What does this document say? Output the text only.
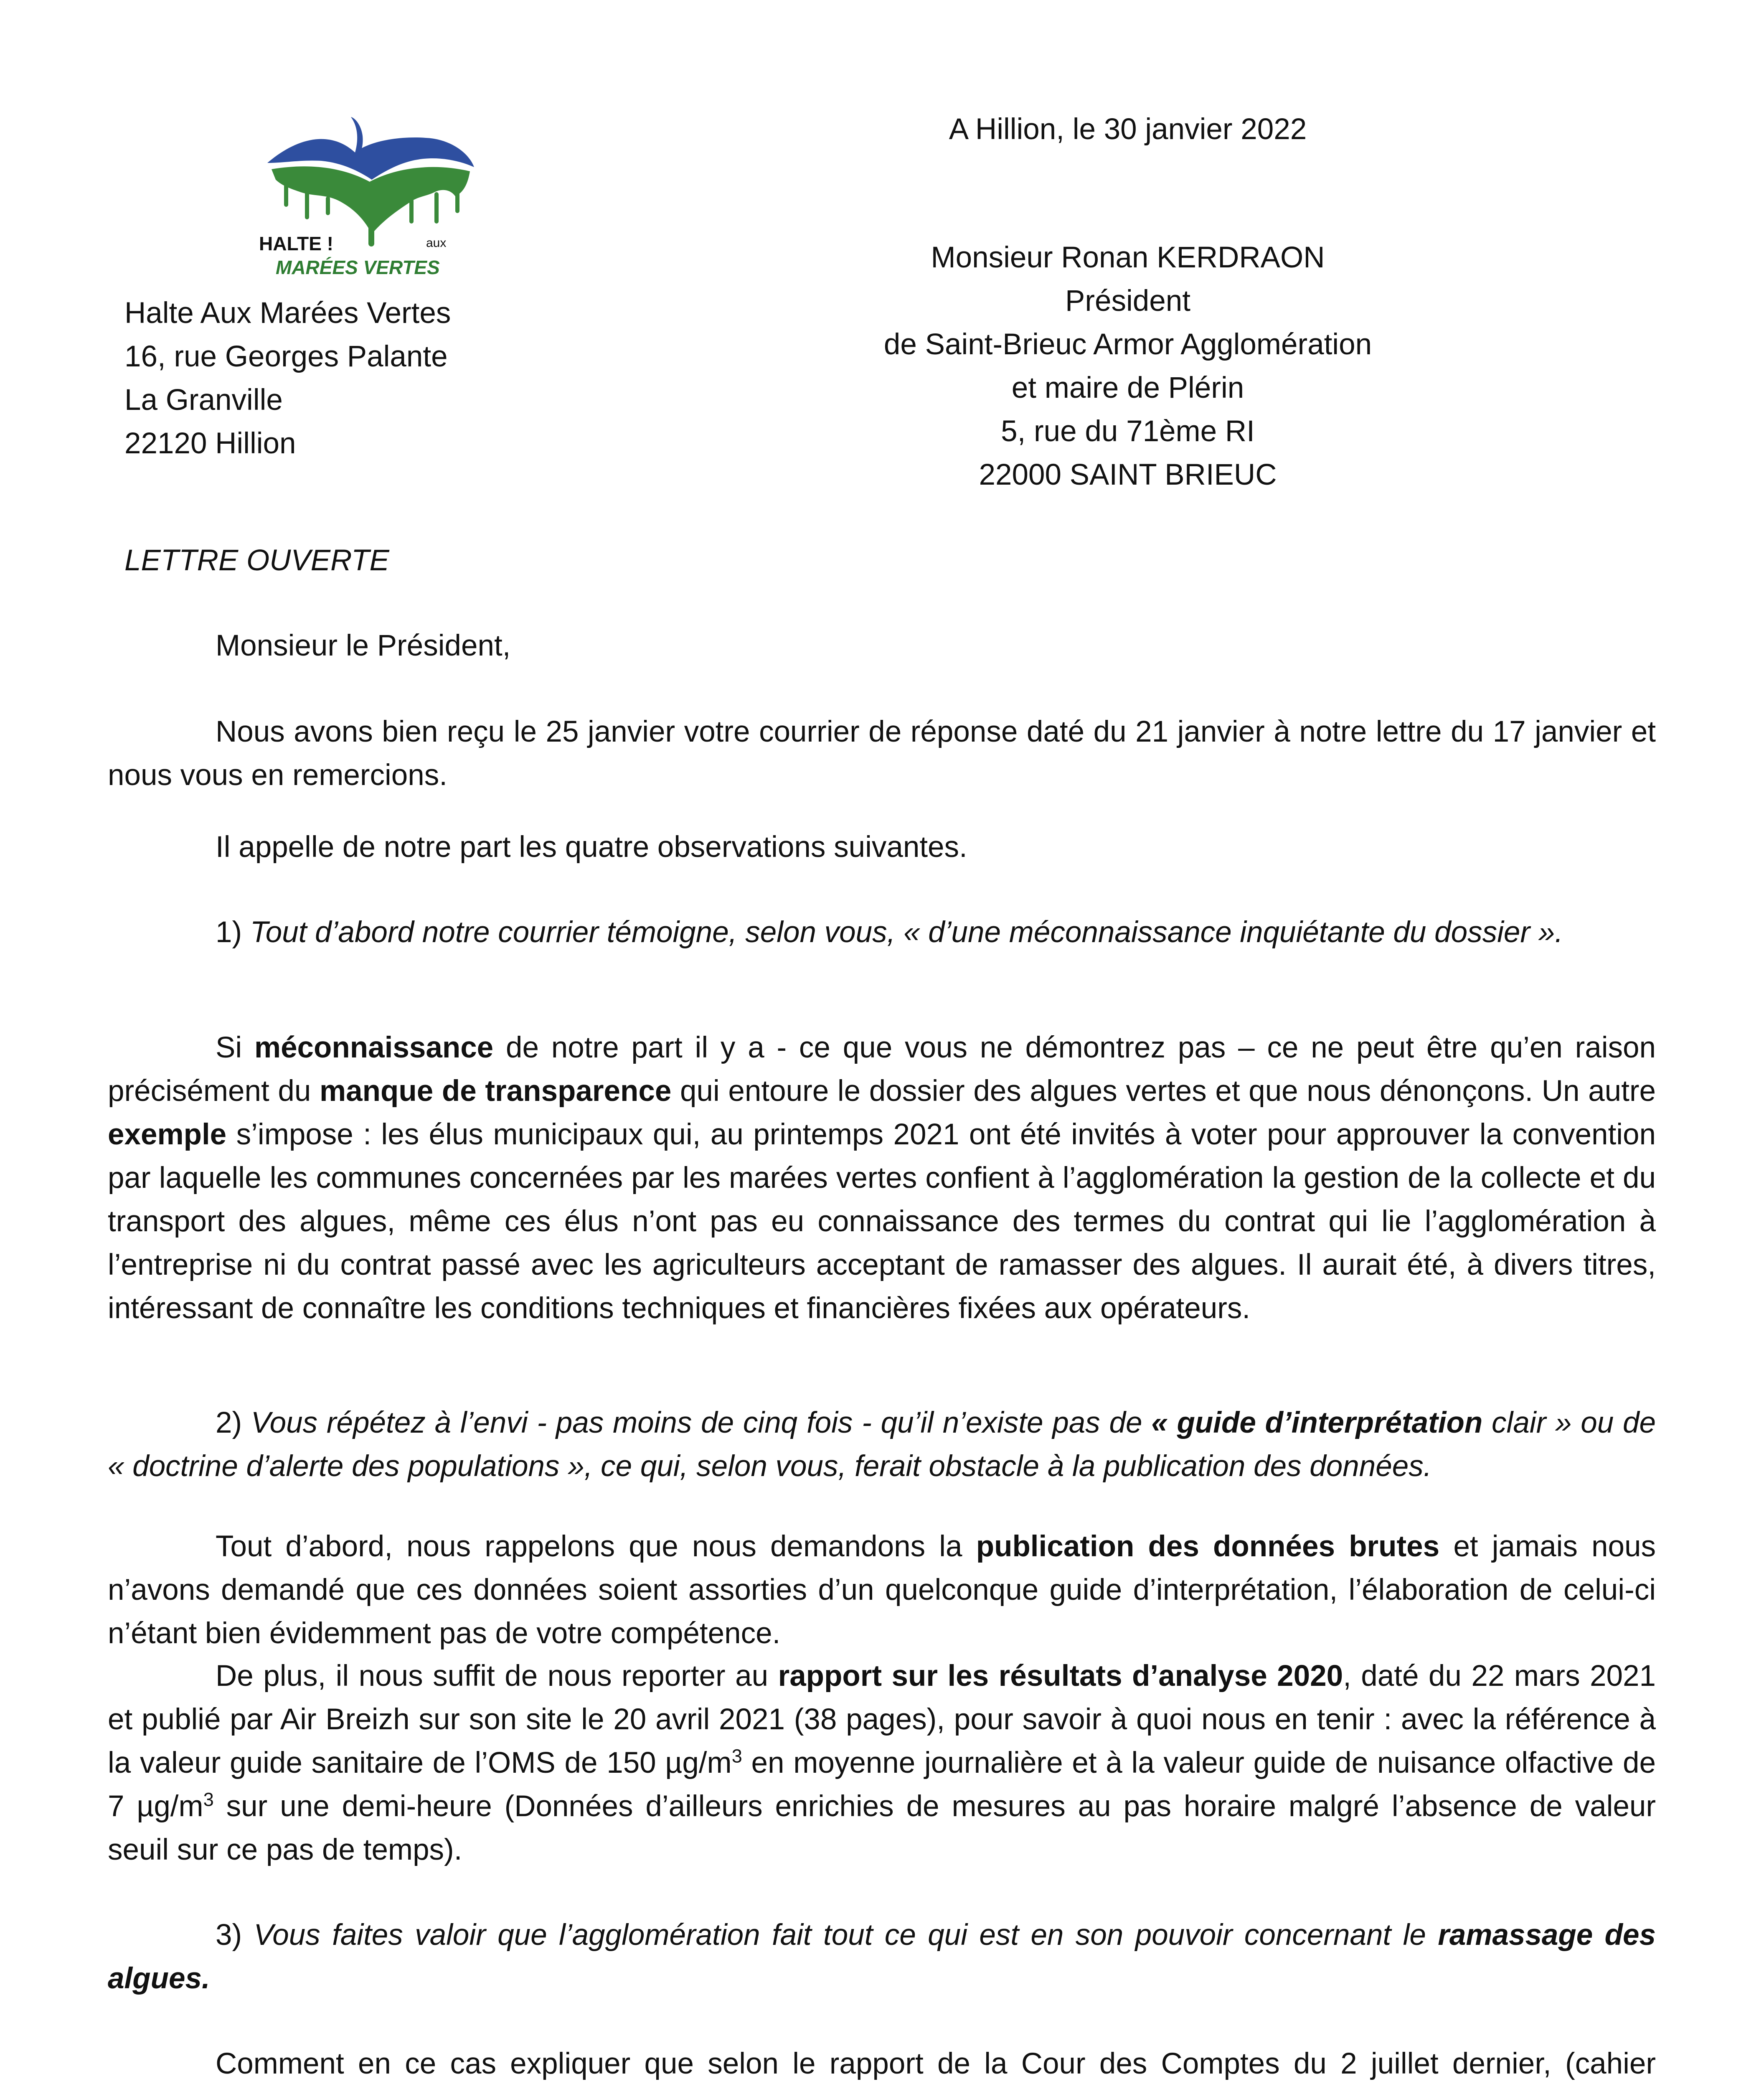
HALTE !	aux
MARÉES VERTES
A Hillion, le 30 janvier 2022
Halte Aux Marées Vertes
16, rue Georges Palante
La Granville
22120 Hillion
Monsieur Ronan KERDRAON
Président
de Saint-Brieuc Armor Agglomération
et maire de Plérin
5, rue du 71ème RI
22000 SAINT BRIEUC
LETTRE OUVERTE
Monsieur le Président,
Nous avons bien reçu le 25 janvier votre courrier de réponse daté du 21 janvier à notre lettre du 17 janvier et nous vous en remercions.
Il appelle de notre part les quatre observations suivantes.
1) Tout d’abord notre courrier témoigne, selon vous, « d’une méconnaissance inquiétante du dossier ».
Si méconnaissance de notre part il y a - ce que vous ne démontrez pas – ce ne peut être qu’en raison précisément du manque de transparence qui entoure le dossier des algues vertes et que nous dénonçons. Un autre exemple s’impose : les élus municipaux qui, au printemps 2021 ont été invités à voter pour approuver la convention par laquelle les communes concernées par les marées vertes confient à l’agglomération la gestion de la collecte et du transport des algues, même ces élus n’ont pas eu connaissance des termes du contrat qui lie l’agglomération à l’entreprise ni du contrat passé avec les agriculteurs acceptant de ramasser des algues. Il aurait été, à divers titres, intéressant de connaître les conditions techniques et financières fixées aux opérateurs.
2) Vous répétez à l’envi - pas moins de cinq fois - qu’il n’existe pas de « guide d’interprétation clair » ou de « doctrine d’alerte des populations », ce qui, selon vous, ferait obstacle à la publication des données.
Tout d’abord, nous rappelons que nous demandons la publication des données brutes et jamais nous n’avons demandé que ces données soient assorties d’un quelconque guide d’interprétation, l’élaboration de celui-ci n’étant bien évidemment pas de votre compétence.
De plus, il nous suffit de nous reporter au rapport sur les résultats d’analyse 2020, daté du 22 mars 2021 et publié par Air Breizh sur son site le 20 avril 2021 (38 pages), pour savoir à quoi nous en tenir : avec la référence à la valeur guide sanitaire de l’OMS de 150 $\mu g/m^3$ en moyenne journalière et à la valeur guide de nuisance olfactive de 7 $\mu g/m^3$ sur une demi-heure (Données d’ailleurs enrichies de mesures au pas horaire malgré l’absence de valeur seuil sur ce pas de temps).
3) Vous faites valoir que l’agglomération fait tout ce qui est en son pouvoir concernant le ramassage des algues.
Comment en ce cas expliquer que selon le rapport de la Cour des Comptes du 2 juillet dernier, (cahier
